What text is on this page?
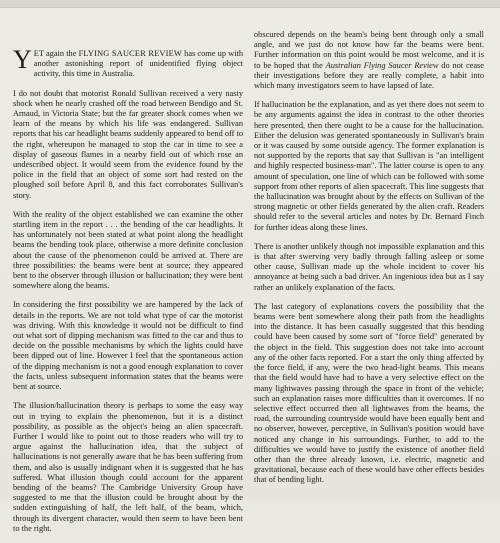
YET again the FLYING SAUCER REVIEW has come up with another astonishing report of unidentified flying object activity, this time in Australia.

I do not doubt that motorist Ronald Sullivan received a very nasty shock when he nearly crashed off the road between Bendigo and St. Arnaud, in Victoria State; but the far greater shock comes when we learn of the means by which his life was endangered. Sullivan reports that his car headlight beams suddenly appeared to bend off to the right, whereupon he managed to stop the car in time to see a display of gaseous flames in a nearby field out of which rose an undescribed object. It would seem from the evidence found by the police in the field that an object of some sort had rested on the ploughed soil before April 8, and this fact corroborates Sullivan's story.

With the reality of the object established we can examine the other startling item in the report . . . the bending of the car headlights. It has unfortunately not been stated at what point along the headlight beams the bending took place, otherwise a more definite conclusion about the cause of the phenomenon could be arrived at. There are three possibilities: the beams were bent at source; they appeared bent to the observer through illusion or hallucination; they were bent somewhere along the beams.

In considering the first possibility we are hampered by the lack of details in the reports. We are not told what type of car the motorist was driving. With this knowledge it would not be difficult to find out what sort of dipping mechanism was fitted to the car and thus to decide on the possible mechanisms by which the lights could have been dipped out of line. However I feel that the spontaneous action of the dipping mechanism is not a good enough explanation to cover the facts, unless subsequent information states that the beams were bent at source.

The illusion/hallucination theory is perhaps to some the easy way out in trying to explain the phenomenon, but it is a distinct possibility, as possible as the object's being an alien spacecraft. Further I would like to point out to those readers who will try to argue against the hallucination idea, that the subject of hallucinations is not generally aware that he has been suffering from them, and also is usually indignant when it is suggested that he has suffered. What illusion though could account for the apparent bending of the beams? The Cambridge University Group have suggested to me that the illusion could be brought about by the sudden extinguishing of half, the left half, of the beam, which, through its divergent character, would then seem to have been bent to the right.

obscured depends on the beam's being bent through only a small angle, and we just do not know how far the beams were bent. Further information on this point would be most welcome, and it is to be hoped that the Australian Flying Saucer Review do not cease their investigations before they are really complete, a habit into which many investigators seem to have lapsed of late.

If hallucination be the explanation, and as yet there does not seem to be any arguments against the idea in contrast to the other theories here presented, then there ought to be a cause for the hallucination. Either the delusion was generated spontaneously in Sullivan's brain or it was caused by some outside agency. The former explanation is not supported by the reports that say that Sullivan is "an intelligent and highly respected business-man". The latter course is open to any amount of speculation, one line of which can be followed with some support from other reports of alien spacecraft. This line suggests that the hallucination was brought about by the effects on Sullivan of the strong magnetic or other fields generated by the alien craft. Readers should refer to the several articles and notes by Dr. Bernard Finch for further ideas along these lines.

There is another unlikely though not impossible explanation and this is that after swerving very badly through falling asleep or some other cause, Sullivan made up the whole incident to cover his annoyance at being such a bad driver. An ingenious idea but as I say rather an unlikely explanation of the facts.

The last category of explanations covers the possibility that the beams were bent somewhere along their path from the headlights into the distance. It has been casually suggested that this bending could have been caused by some sort of "force field" generated by the object in the field. This suggestion does not take into account any of the other facts reported. For a start the only thing affected by the force field, if any, were the two head-light beams. This means that the field would have had to have a very selective effect on the many lightwaves passing through the space in front of the vehicle; such an explanation raises more difficulties than it overcomes. If no selective effect occurred then all lightwaves from the beams, the road, the surrounding countryside would have been equally bent and no observer, however, perceptive, in Sullivan's position would have noticed any change in his surroundings. Further, to add to the difficulties we would have to justify the existence of another field other than the three already known, i.e. electric, magnetic and gravitational, because each of these would have other effects besides that of bending light.
